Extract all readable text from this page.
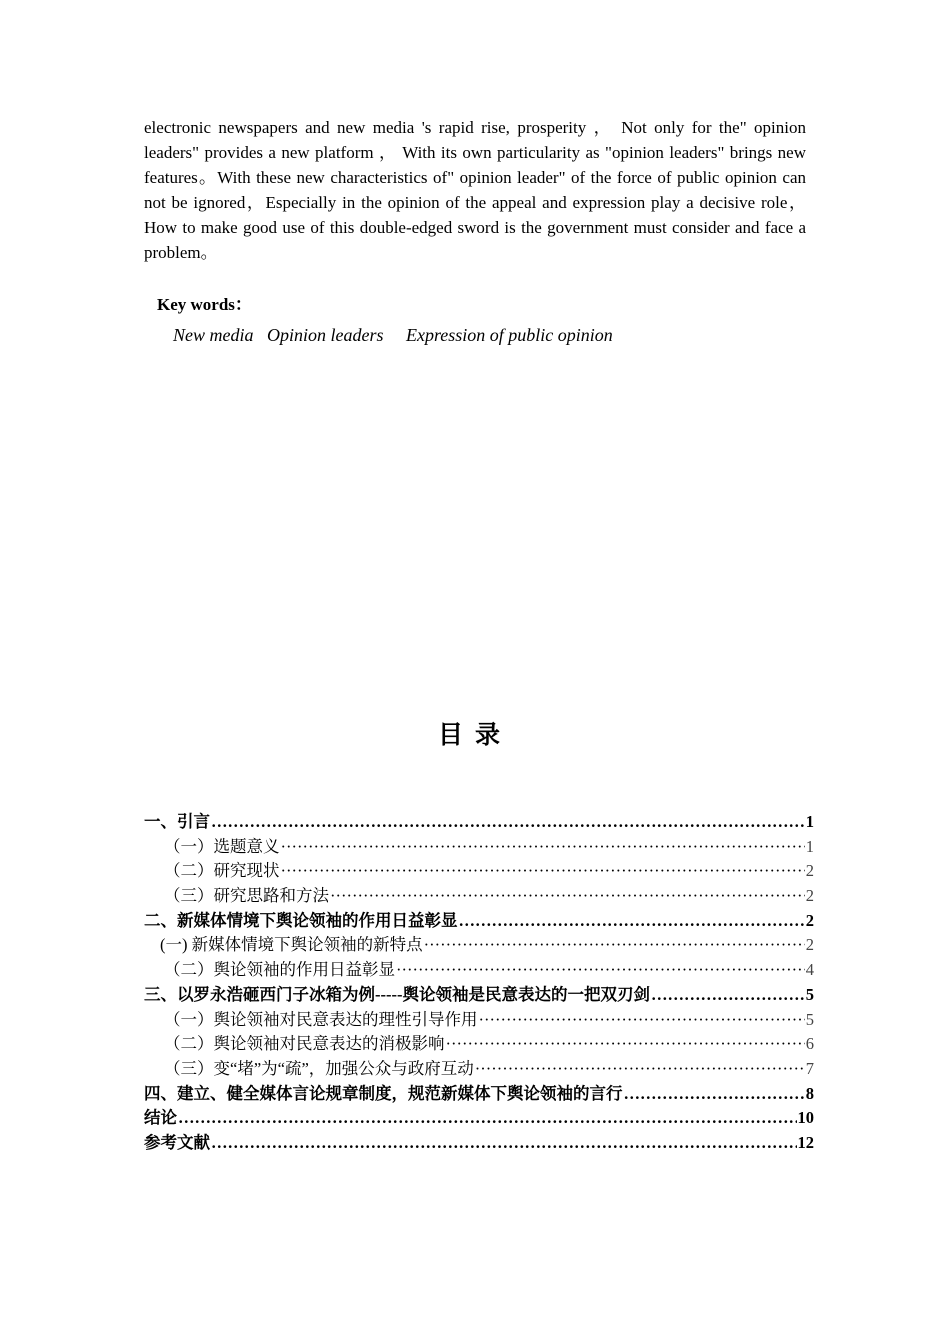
electronic newspapers and new media 's rapid rise, prosperity ， Not only for the" opinion leaders" provides a new platform ， With its own particularity as "opinion leaders" brings new features。With these new characteristics of" opinion leader" of the force of public opinion can not be ignored，Especially in the opinion of the appeal and expression play a decisive role，How to make good use of this double-edged sword is the government must consider and face a problem。

Key words：

New media   Opinion leaders     Expression of public opinion

目录
一、引言 …………………………………………………………………………………………………………………………………………………………………	1
（一）选题意义 ·····	1
（二）研究现状 ·····	2
（三）研究思路和方法 ·····	2
二、新媒体情境下舆论领袖的作用日益彰显 …………………………………………………………………………………………………………………………………………………………………	2
(一) 新媒体情境下舆论领袖的新特点 ·····	2
（二）舆论领袖的作用日益彰显 ·····	4
三、以罗永浩砸西门子冰箱为例-----舆论领袖是民意表达的一把双刃剑 …………………………………………………………………………………………………………………………………………………………………	5
（一）舆论领袖对民意表达的理性引导作用 ·····	5
（二）舆论领袖对民意表达的消极影响 ·····	6
（三）变“堵”为“疏”，加强公众与政府互动 ·····	7
四、建立、健全媒体言论规章制度，规范新媒体下舆论领袖的言行 …………………………………………………………………………………………………………………………………………………………………	8
结论 …………………………………………………………………………………………………………………………………………………………………	10
参考文献 …………………………………………………………………………………………………………………………………………………………………	12
